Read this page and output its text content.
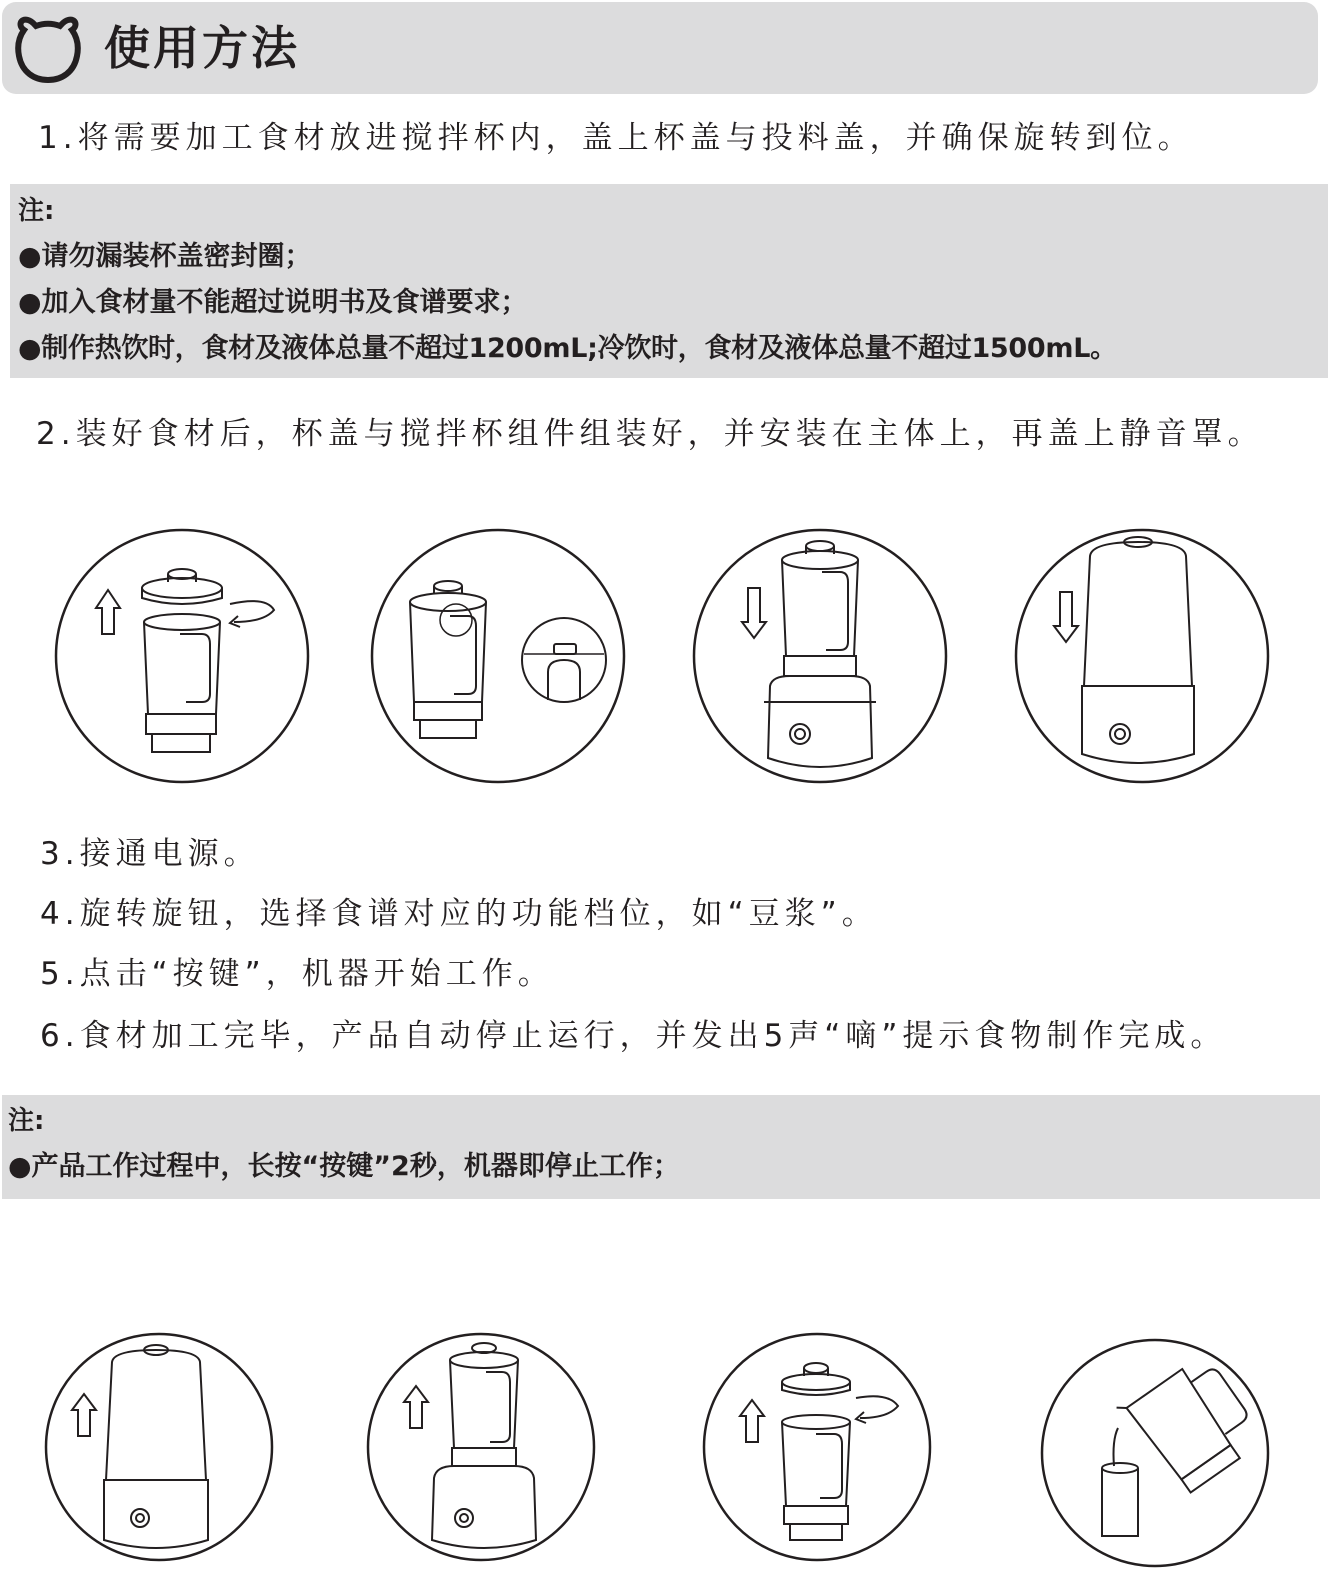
使用方法
1.将需要加工食材放进搅拌杯内，盖上杯盖与投料盖，并确保旋转到位。
注:
●请勿漏装杯盖密封圈；
●加入食材量不能超过说明书及食谱要求；
●制作热饮时，食材及液体总量不超过1200mL;冷饮时，食材及液体总量不超过1500mL。
2.装好食材后，杯盖与搅拌杯组件组装好，并安装在主体上，再盖上静音罩。
3.接通电源。
4.旋转旋钮，选择食谱对应的功能档位，如“豆浆”。
5.点击“按键”，机器开始工作。
6.食材加工完毕，产品自动停止运行，并发出5声“嘀”提示食物制作完成。
注:
●产品工作过程中，长按“按键”2秒，机器即停止工作；
